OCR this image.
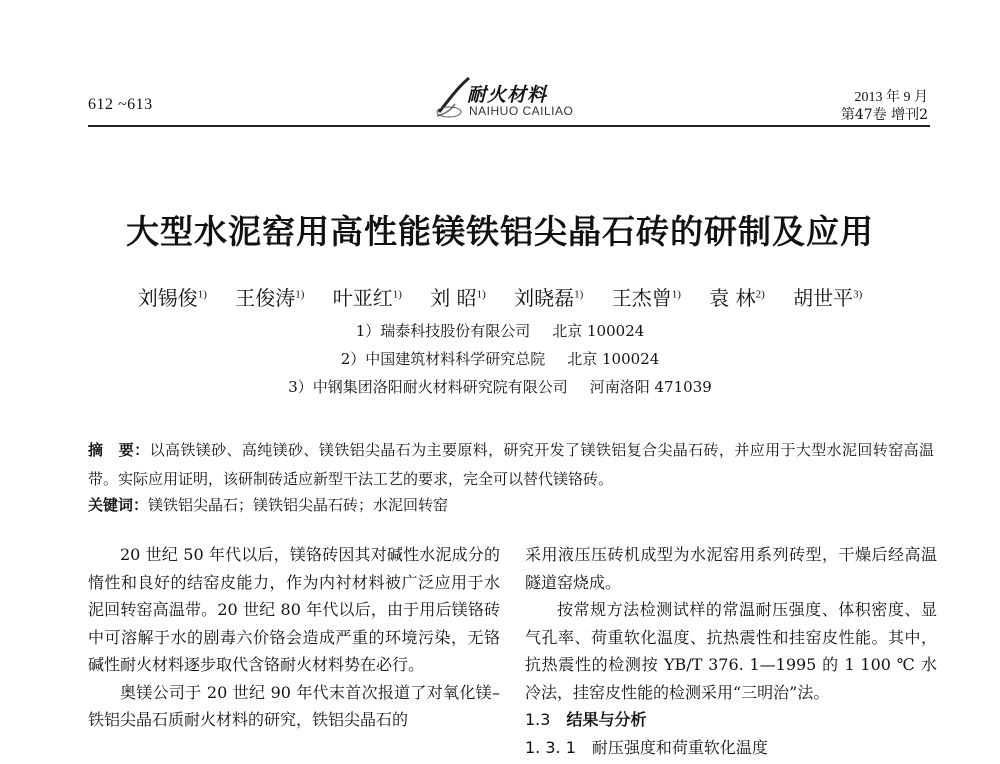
612 ~613	耐火材料
NAIHUO CAILIAO
2013 年 9 月
第47卷 增刊2
大型水泥窑用高性能镁铁铝尖晶石砖的研制及应用
刘锡俊$^{1)}$ 王俊涛$^{1)}$ 叶亚红$^{1)}$ 刘 昭$^{1)}$ 刘晓磊$^{1)}$ 王杰曾$^{1)}$ 袁 林$^{2)}$ 胡世平$^{3)}$
1）瑞泰科技股份有限公司 北京 100024
2）中国建筑材料科学研究总院 北京 100024
3）中钢集团洛阳耐火材料研究院有限公司 河南洛阳 471039
摘　要：以高铁镁砂、高纯镁砂、镁铁铝尖晶石为主要原料，研究开发了镁铁铝复合尖晶石砖，并应用于大型水泥回转窑高温带。实际应用证明，该研制砖适应新型干法工艺的要求，完全可以替代镁铬砖。
关键词：镁铁铝尖晶石；镁铁铝尖晶石砖；水泥回转窑

20 世纪 50 年代以后，镁铬砖因其对碱性水泥成分的惰性和良好的结窑皮能力，作为内衬材料被广泛应用于水泥回转窑高温带。20 世纪 80 年代以后，由于用后镁铬砖中可溶解于水的剧毒六价铬会造成严重的环境污染，无铬碱性耐火材料逐步取代含铬耐火材料势在必行。

奥镁公司于 20 世纪 90 年代末首次报道了对氧化镁–铁铝尖晶石质耐火材料的研究，铁铝尖晶石的

采用液压压砖机成型为水泥窑用系列砖型，干燥后经高温隧道窑烧成。

按常规方法检测试样的常温耐压强度、体积密度、显气孔率、荷重软化温度、抗热震性和挂窑皮性能。其中，抗热震性的检测按 YB/T 376. 1—1995 的 1 100 ℃ 水冷法，挂窑皮性能的检测采用“三明治”法。

1.3　 结果与分析

1. 3. 1　耐压强度和荷重软化温度
